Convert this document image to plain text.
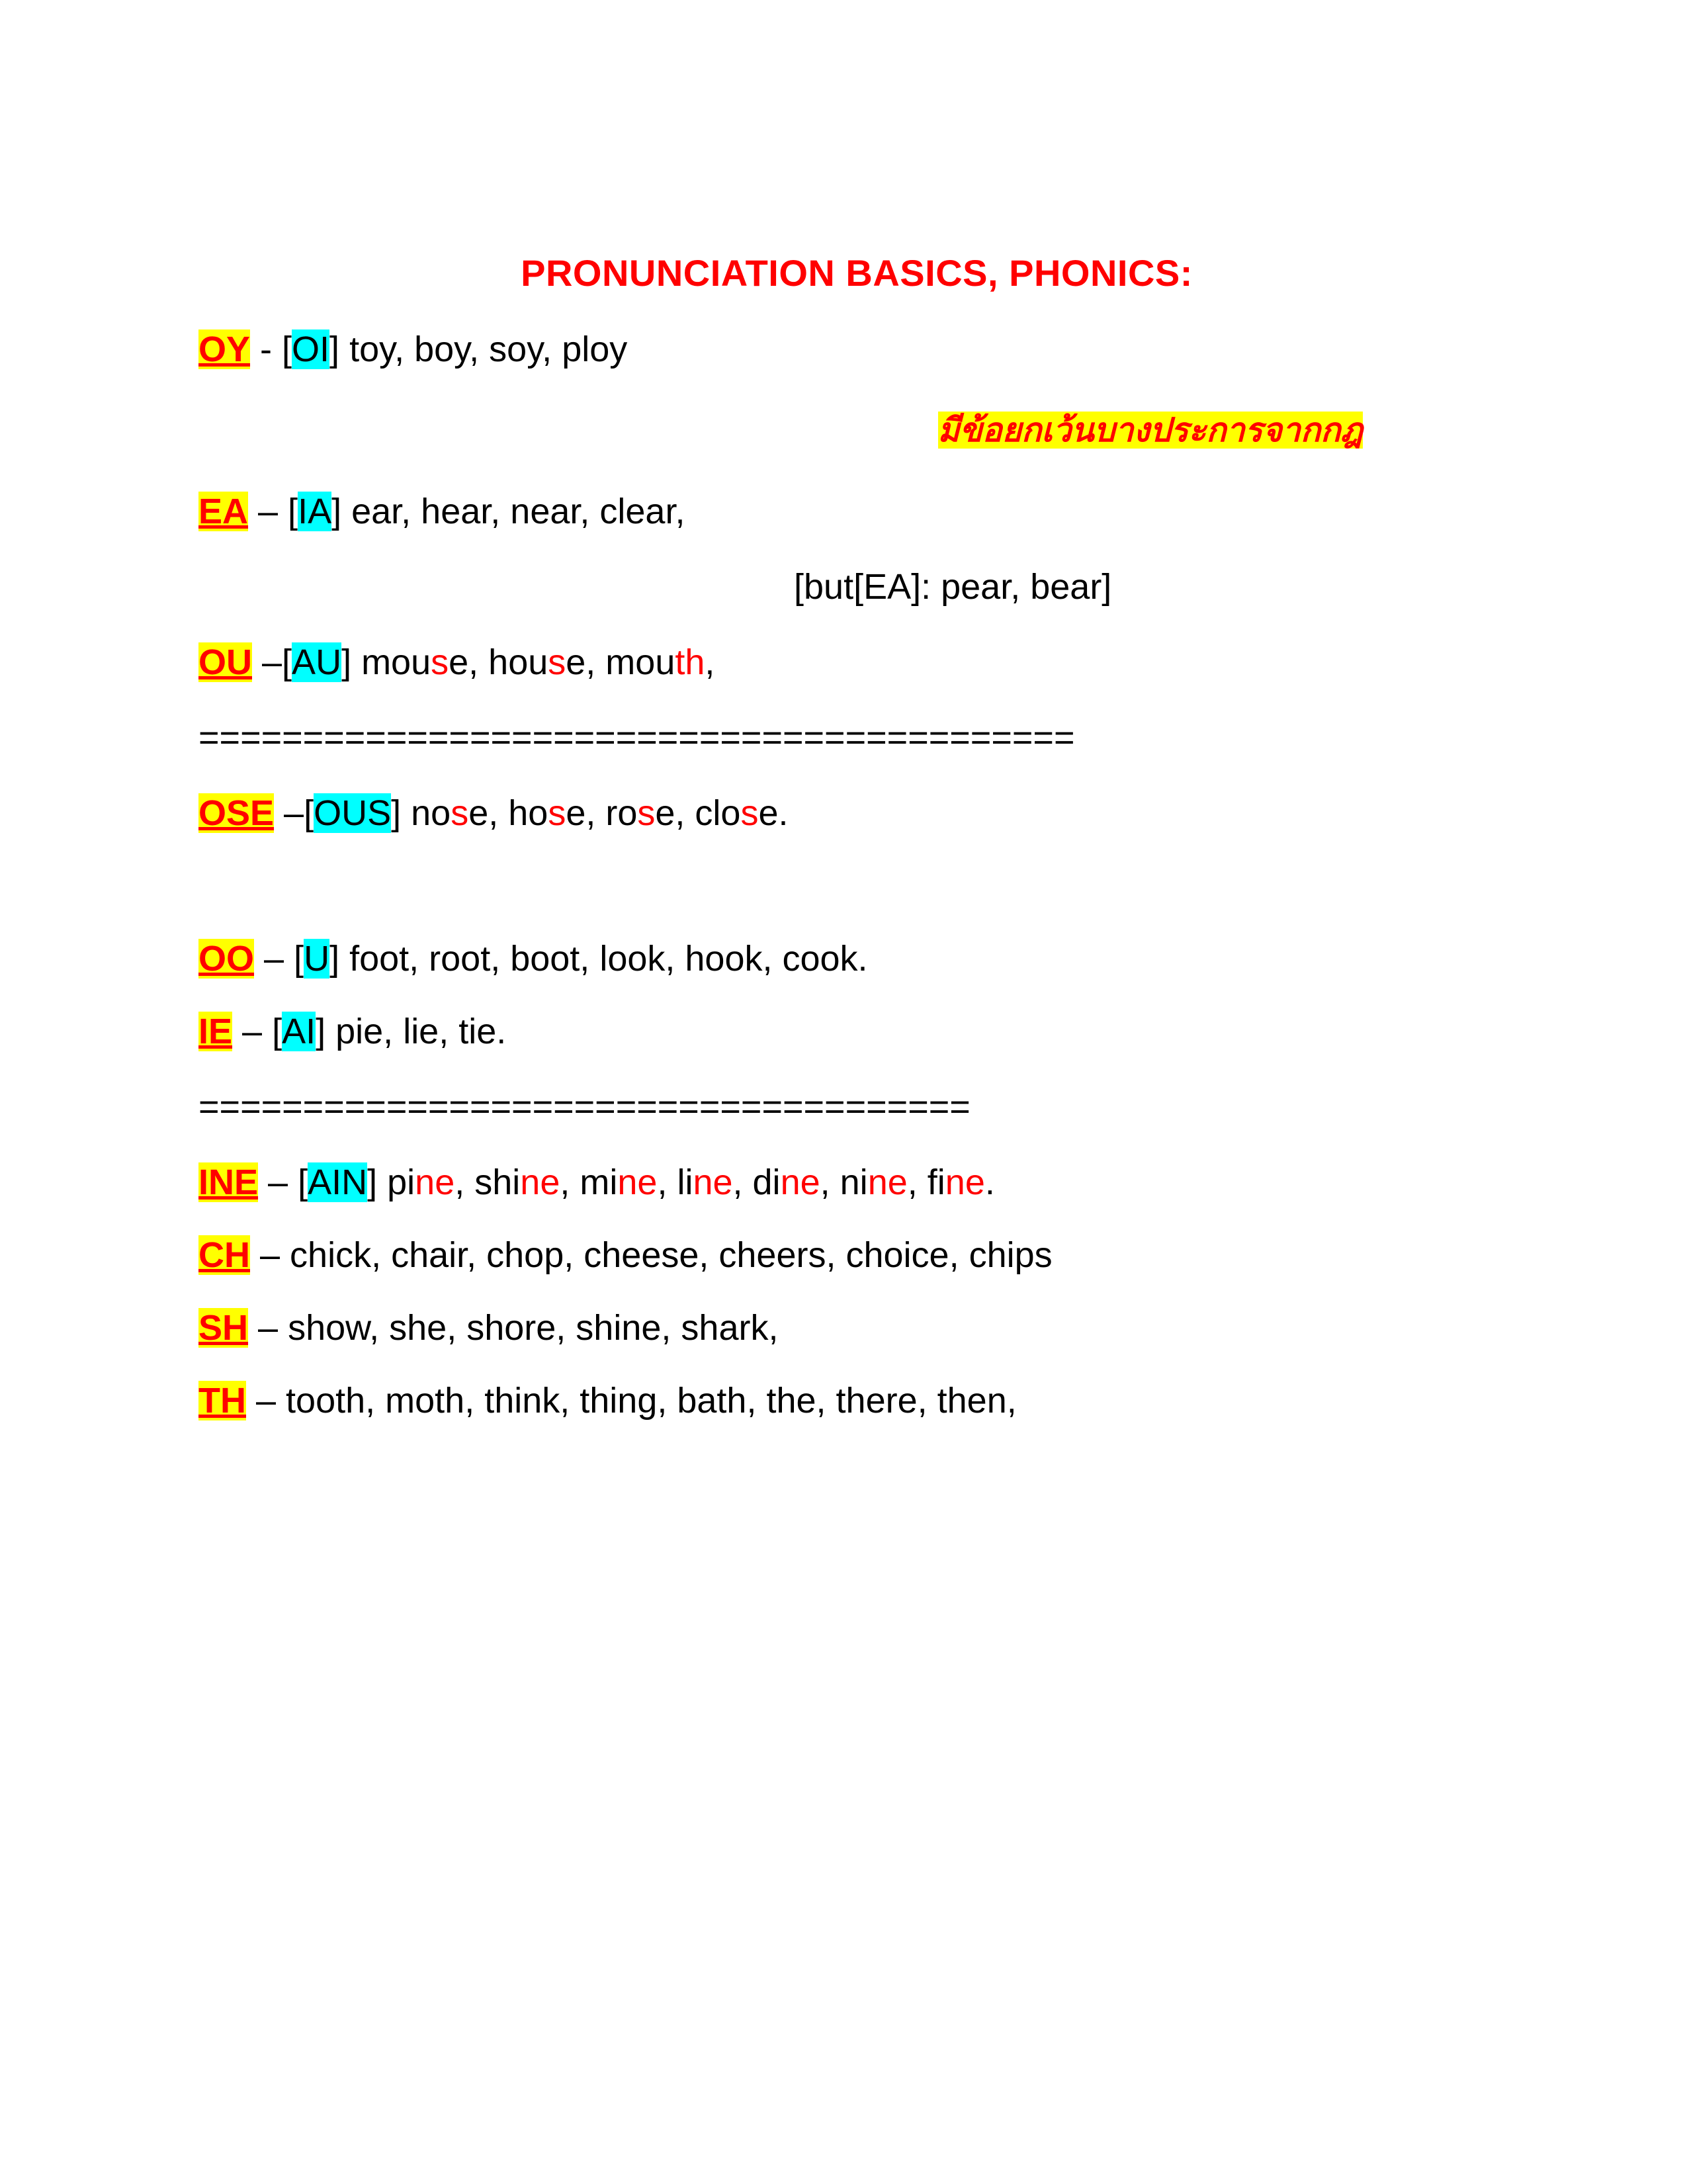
PRONUNCIATION BASICS, PHONICS:
OY - [OI] toy, boy, soy, ploy
มีข้อยกเว้นบางประการจากกฎ
EA – [IA] ear, hear, near, clear,
[but[EA]: pear, bear]
OU –[AU] mouse, house, mouth,
==========================================
OSE –[OUS] nose, hose, rose, close.
OO – [U] foot, root, boot, look, hook, cook.
IE – [AI] pie, lie, tie.
=====================================
INE – [AIN] pine, shine, mine, line, dine, nine, fine.
CH – chick, chair, chop, cheese, cheers, choice, chips
SH – show, she, shore, shine, shark,
TH – tooth, moth, think, thing, bath, the, there, then,
